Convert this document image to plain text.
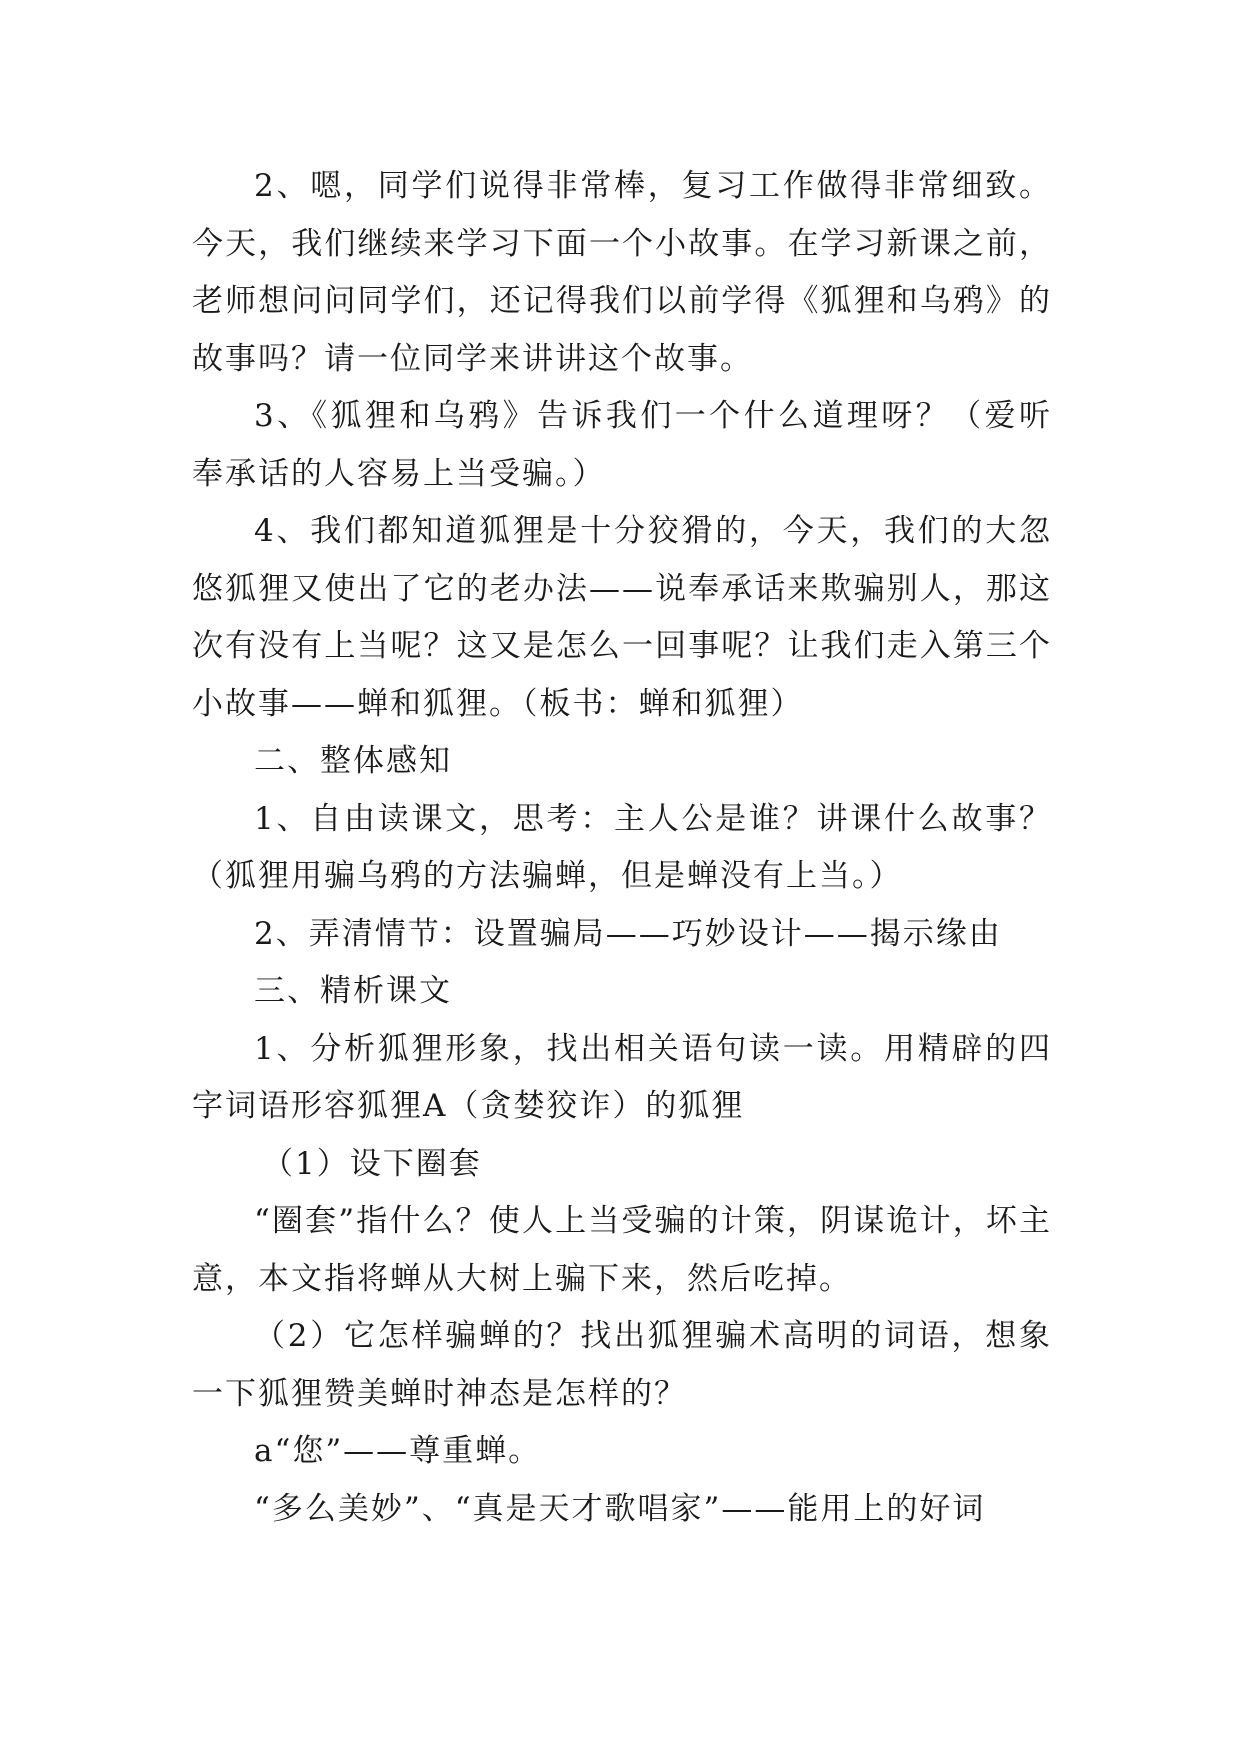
2、嗯，同学们说得非常棒，复习工作做得非常细致。今天，我们继续来学习下面一个小故事。在学习新课之前，老师想问问同学们，还记得我们以前学得《狐狸和乌鸦》的故事吗？请一位同学来讲讲这个故事。

3、《狐狸和乌鸦》告诉我们一个什么道理呀？（爱听奉承话的人容易上当受骗。）

4、我们都知道狐狸是十分狡猾的，今天，我们的大忽悠狐狸又使出了它的老办法——说奉承话来欺骗别人，那这次有没有上当呢？这又是怎么一回事呢？让我们走入第三个小故事——蝉和狐狸。（板书：蝉和狐狸）

二、整体感知

1、自由读课文，思考：主人公是谁？讲课什么故事？（狐狸用骗乌鸦的方法骗蝉，但是蝉没有上当。）

2、弄清情节：设置骗局——巧妙设计——揭示缘由

三、精析课文

1、分析狐狸形象，找出相关语句读一读。用精辟的四字词语形容狐狸A（贪婪狡诈）的狐狸

（1）设下圈套

“圈套”指什么？使人上当受骗的计策，阴谋诡计，坏主意，本文指将蝉从大树上骗下来，然后吃掉。

（2）它怎样骗蝉的？找出狐狸骗术高明的词语，想象一下狐狸赞美蝉时神态是怎样的？

a“您”——尊重蝉。

“多么美妙”、“真是天才歌唱家”——能用上的好词
